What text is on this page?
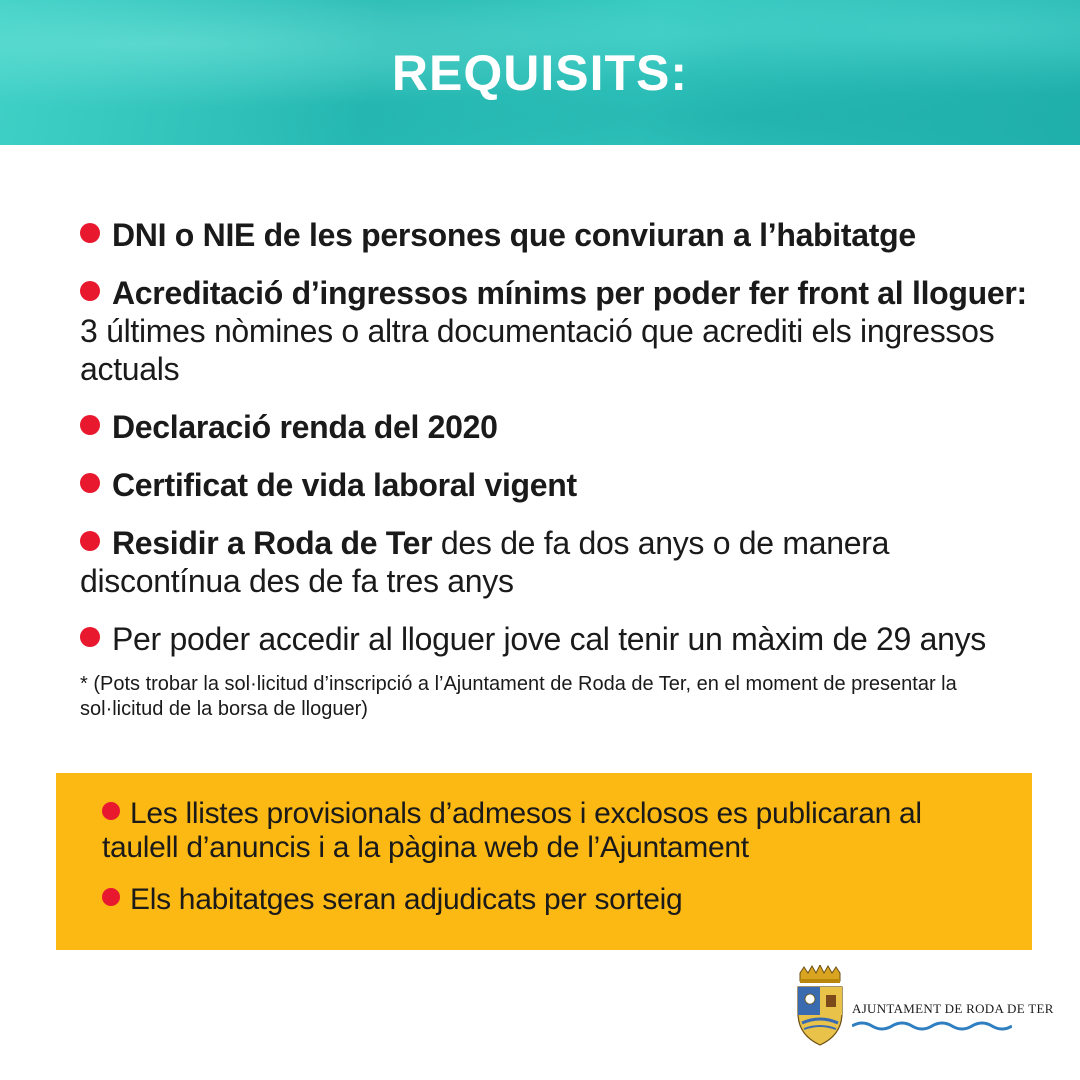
REQUISITS:
DNI o NIE de les persones que conviuran a l’habitatge
Acreditació d’ingressos mínims per poder fer front al lloguer: 3 últimes nòmines o altra documentació que acrediti els ingressos actuals
Declaració renda del 2020
Certificat de vida laboral vigent
Residir a Roda de Ter des de fa dos anys o de manera discontínua des de fa tres anys
Per poder accedir al lloguer jove cal tenir un màxim de 29 anys
* (Pots trobar la sol·licitud d’inscripció a l’Ajuntament de Roda de Ter, en el moment de presentar la sol·licitud de la borsa de lloguer)
Les llistes provisionals d’admesos i exclosos es publicaran al taulell d’anuncis i a la pàgina web de l’Ajuntament
Els habitatges seran adjudicats per sorteig
AJUNTAMENT DE RODA DE TER
